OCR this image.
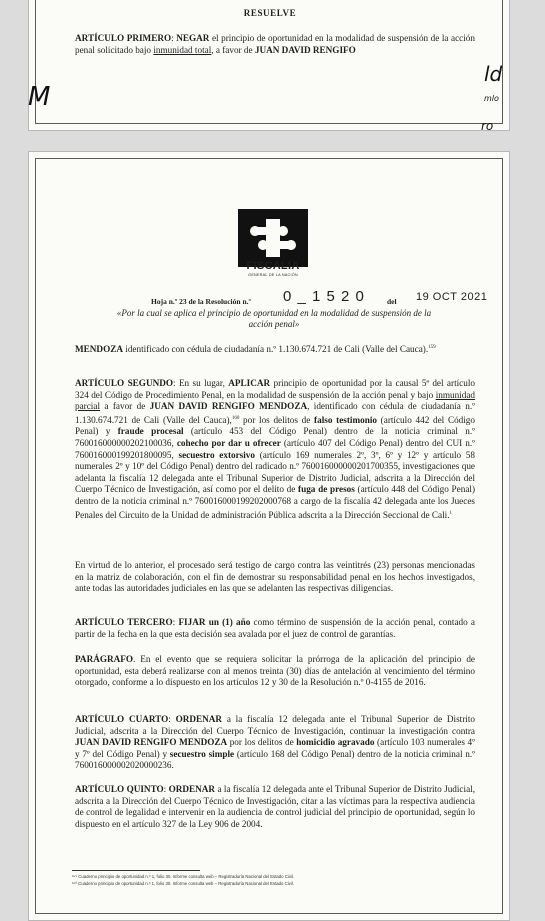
RESUELVE
ARTÍCULO PRIMERO: NEGAR el principio de oportunidad en la modalidad de suspensión de la acción penal solicitado bajo inmunidad total, a favor de JUAN DAVID RENGIFO
M
ld
mlo
ro
FISCALIA
GENERAL DE LA NACIÓN
Hoja n.º 23 de la Resolución n.º 0 _ 1 5 2 0	del 19 OCT 2021
«Por la cual se aplica el principio de oportunidad en la modalidad de suspensión de la acción penal»
MENDOZA identificado con cédula de ciudadanía n.º 1.130.674.721 de Cali (Valle del Cauca).$^{159}$
ARTÍCULO SEGUNDO: En su lugar, APLICAR principio de oportunidad por la causal 5ª del artículo 324 del Código de Procedimiento Penal, en la modalidad de suspensión de la acción penal y bajo inmunidad parcial a favor de JUAN DAVID RENGIFO MENDOZA, identificado con cédula de ciudadanía n.º 1.130.674.721 de Cali (Valle del Cauca),$^{160}$ por los delitos de falso testimonio (artículo 442 del Código Penal) y fraude procesal (artículo 453 del Código Penal) dentro de la noticia criminal n.º 760016000000202100036, cohecho por dar u ofrecer (artículo 407 del Código Penal) dentro del CUI n.º 760016000199201800095, secuestro extorsivo (artículo 169 numerales 2º, 3º, 6º y 12º y artículo 58 numerales 2º y 10º del Código Penal) dentro del radicado n.º 760016000000201700355, investigaciones que adelanta la fiscalía 12 delegada ante el Tribunal Superior de Distrito Judicial, adscrita a la Dirección del Cuerpo Técnico de Investigación, así como por el delito de fuga de presos (artículo 448 del Código Penal) dentro de la noticia criminal n.º 760016000199202000768 a cargo de la fiscalía 42 delegada ante los Jueces Penales del Circuito de la Unidad de administración Pública adscrita a la Dirección Seccional de Cali.$^1$
En virtud de lo anterior, el procesado será testigo de cargo contra las veintitrés (23) personas mencionadas en la matriz de colaboración, con el fin de demostrar su responsabilidad penal en los hechos investigados, ante todas las autoridades judiciales en las que se adelanten las respectivas diligencias.
ARTÍCULO TERCERO: FIJAR un (1) año como término de suspensión de la acción penal, contado a partir de la fecha en la que esta decisión sea avalada por el juez de control de garantías.
PARÁGRAFO. En el evento que se requiera solicitar la prórroga de la aplicación del principio de oportunidad, esta deberá realizarse con al menos treinta (30) días de antelación al vencimiento del término otorgado, conforme a lo dispuesto en los artículos 12 y 30 de la Resolución n.º 0-4155 de 2016.
ARTÍCULO CUARTO: ORDENAR a la fiscalía 12 delegada ante el Tribunal Superior de Distrito Judicial, adscrita a la Dirección del Cuerpo Técnico de Investigación, continuar la investigación contra JUAN DAVID RENGIFO MENDOZA por los delitos de homicidio agravado (artículo 103 numerales 4º y 7º del Código Penal) y secuestro simple (artículo 168 del Código Penal) dentro de la noticia criminal n.º 760016000002020000236.
ARTÍCULO QUINTO: ORDENAR a la fiscalía 12 delegada ante el Tribunal Superior de Distrito Judicial, adscrita a la Dirección del Cuerpo Técnico de Investigación, citar a las víctimas para la respectiva audiencia de control de legalidad e intervenir en la audiencia de control judicial del principio de oportunidad, según lo dispuesto en el artículo 327 de la Ley 906 de 2004.
¹⁵⁹ Cuaderno principio de oportunidad n.º 1, folio 30. Informe consulta web – Registraduría Nacional del Estado Civil.
¹⁶⁰ Cuaderno principio de oportunidad n.º 1, folio 30. Informe consulta web – Registraduría Nacional del Estado Civil.
